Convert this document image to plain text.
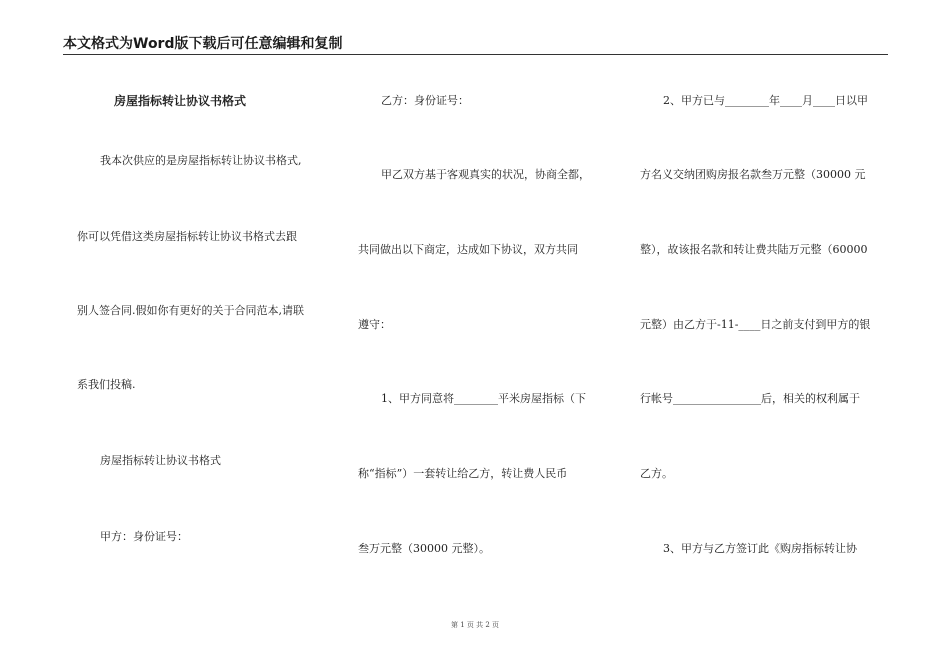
本文格式为Word版下载后可任意编辑和复制
房屋指标转让协议书格式
我本次供应的是房屋指标转让协议书格式,
你可以凭借这类房屋指标转让协议书格式去跟
别人签合同.假如你有更好的关于合同范本,请联
系我们投稿.
房屋指标转让协议书格式
甲方：身份证号：
乙方：身份证号：
甲乙双方基于客观真实的状况，协商全都，
共同做出以下商定，达成如下协议，双方共同
遵守：
1、甲方同意将________平米房屋指标（下
称“指标”）一套转让给乙方，转让费人民币
叁万元整（30000 元整）。
2、甲方已与________年____月____日以甲
方名义交纳团购房报名款叁万元整（30000 元
整），故该报名款和转让费共陆万元整（60000
元整）由乙方于-11-____日之前支付到甲方的银
行帐号________________后，相关的权利属于
乙方。
3、甲方与乙方签订此《购房指标转让协
第 1 页 共 2 页
